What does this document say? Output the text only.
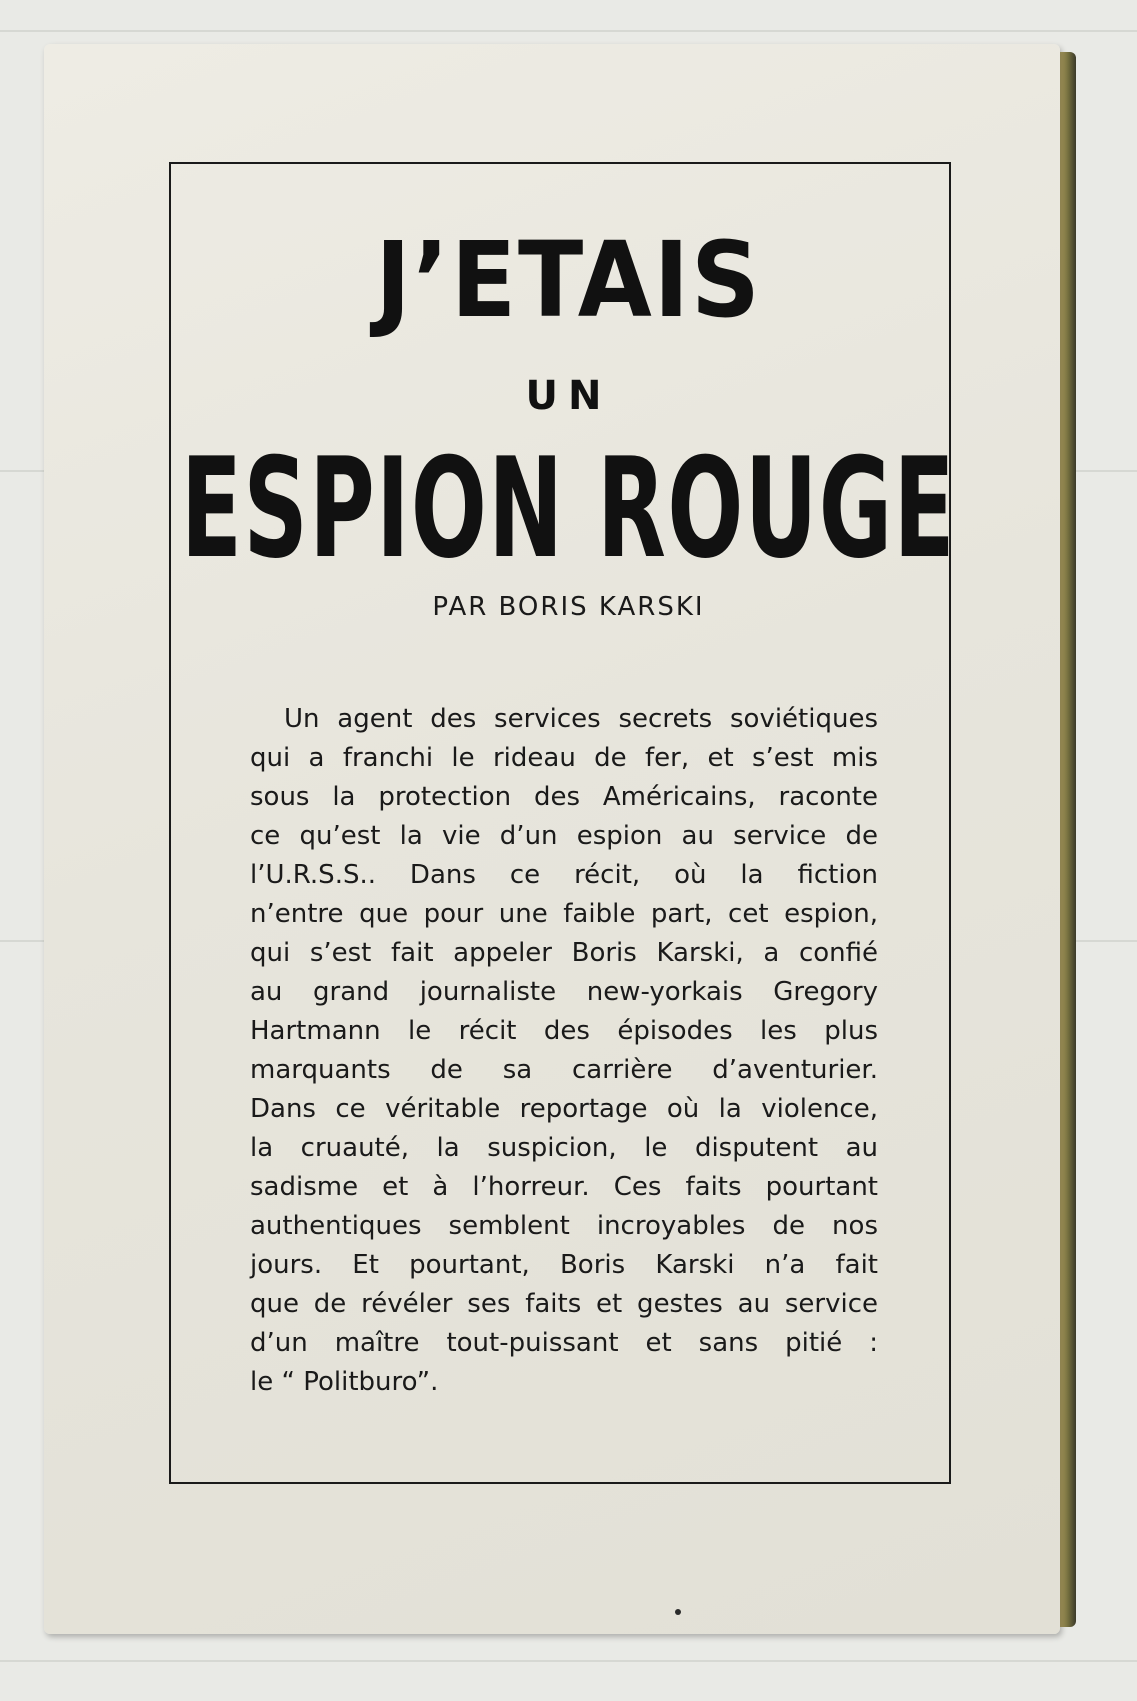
J’ETAIS
UN
ESPION ROUGE
PAR BORIS KARSKI
Un agent des services secrets soviétiques
qui a franchi le rideau de fer, et s’est mis
sous la protection des Américains, raconte
ce qu’est la vie d’un espion au service de
l’U.R.S.S.. Dans ce récit, où la fiction
n’entre que pour une faible part, cet espion,
qui s’est fait appeler Boris Karski, a confié
au grand journaliste new-yorkais Gregory
Hartmann le récit des épisodes les plus
marquants de sa carrière d’aventurier.
Dans ce véritable reportage où la violence,
la cruauté, la suspicion, le disputent au
sadisme et à l’horreur. Ces faits pourtant
authentiques semblent incroyables de nos
jours. Et pourtant, Boris Karski n’a fait
que de révéler ses faits et gestes au service
d’un maître tout-puissant et sans pitié :
le “ Politburo”.
